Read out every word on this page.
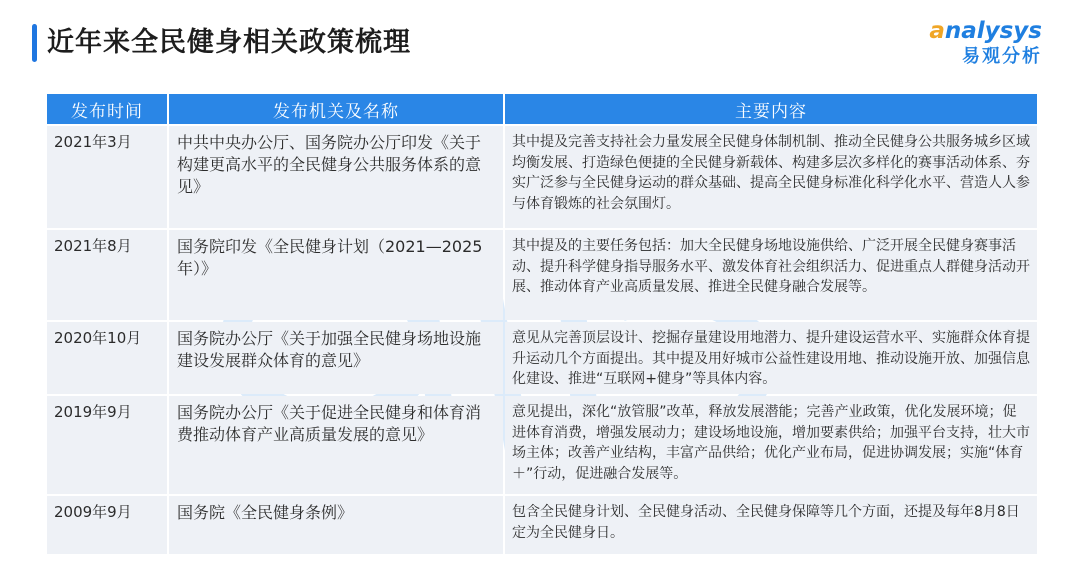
近年来全民健身相关政策梳理	analysys
易观分析
发布时间	发布机关及名称	主要内容
2021年3月	中共中央办公厅、国务院办公厅印发《关于构建更高水平的全民健身公共服务体系的意见》	其中提及完善支持社会力量发展全民健身体制机制、推动全民健身公共服务城乡区域均衡发展、打造绿色便捷的全民健身新载体、构建多层次多样化的赛事活动体系、夯实广泛参与全民健身运动的群众基础、提高全民健身标准化科学化水平、营造人人参与体育锻炼的社会氛围灯。
2021年8月	国务院印发《全民健身计划（2021—2025年）》	其中提及的主要任务包括：加大全民健身场地设施供给、广泛开展全民健身赛事活动、提升科学健身指导服务水平、激发体育社会组织活力、促进重点人群健身活动开展、推动体育产业高质量发展、推进全民健身融合发展等。
2020年10月	国务院办公厅《关于加强全民健身场地设施建设发展群众体育的意见》	意见从完善顶层设计、挖掘存量建设用地潜力、提升建设运营水平、实施群众体育提升运动几个方面提出。其中提及用好城市公益性建设用地、推动设施开放、加强信息化建设、推进“互联网+健身”等具体内容。
2019年9月	国务院办公厅《关于促进全民健身和体育消费推动体育产业高质量发展的意见》	意见提出，深化“放管服”改革，释放发展潜能；完善产业政策，优化发展环境；促进体育消费，增强发展动力；建设场地设施，增加要素供给；加强平台支持，壮大市场主体；改善产业结构，丰富产品供给；优化产业布局，促进协调发展；实施“体育＋”行动，促进融合发展等。
2009年9月	国务院《全民健身条例》	包含全民健身计划、全民健身活动、全民健身保障等几个方面，还提及每年8月8日定为全民健身日。
